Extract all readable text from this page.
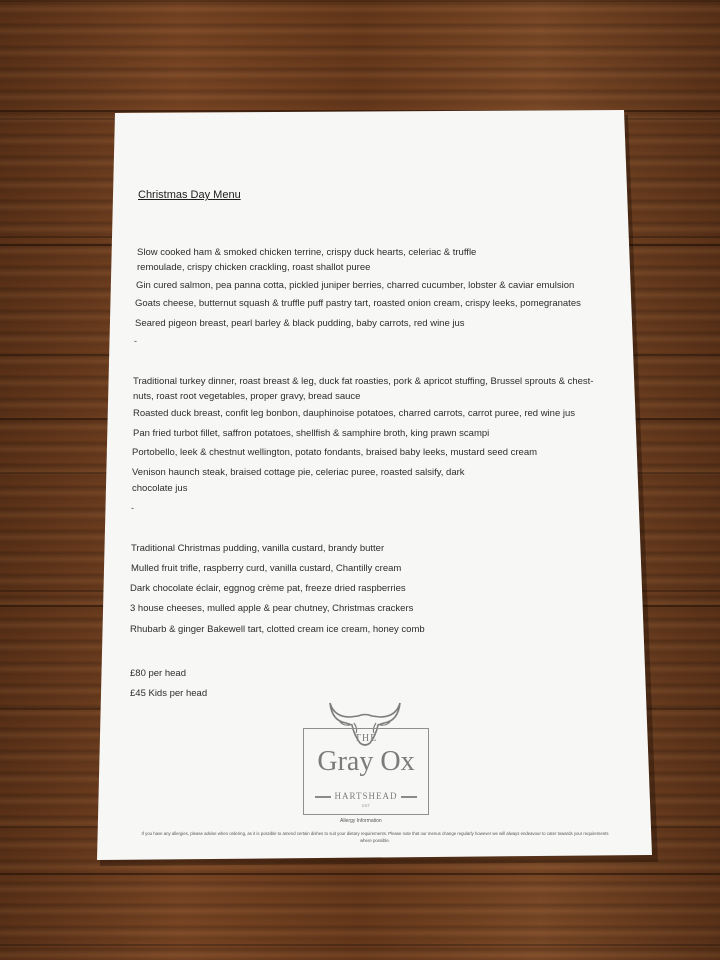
Christmas Day Menu
Slow cooked ham & smoked chicken terrine, crispy duck hearts, celeriac & truffle
remoulade, crispy chicken crackling, roast shallot puree
Gin cured salmon, pea panna cotta, pickled juniper berries, charred cucumber, lobster & caviar emulsion
Goats cheese, butternut squash & truffle puff pastry tart, roasted onion cream, crispy leeks, pomegranates
Seared pigeon breast, pearl barley & black pudding, baby carrots, red wine jus
-
Traditional turkey dinner, roast breast & leg, duck fat roasties, pork & apricot stuffing, Brussel sprouts & chest-
nuts, roast root vegetables, proper gravy, bread sauce
Roasted duck breast, confit leg bonbon, dauphinoise potatoes, charred carrots, carrot puree, red wine jus
Pan fried turbot fillet, saffron potatoes, shellfish & samphire broth, king prawn scampi
Portobello, leek & chestnut wellington, potato fondants, braised baby leeks, mustard seed cream
Venison haunch steak, braised cottage pie, celeriac puree, roasted salsify, dark
chocolate jus
-
Traditional Christmas pudding, vanilla custard, brandy butter
Mulled fruit trifle, raspberry curd, vanilla custard, Chantilly cream
Dark chocolate éclair, eggnog crème pat, freeze dried raspberries
3 house cheeses, mulled apple & pear chutney, Christmas crackers
Rhubarb & ginger Bakewell tart, clotted cream ice cream, honey comb
£80 per head
£45 Kids per head
THE
Gray Ox
HARTSHEAD
EST
Allergy Information
If you have any allergies, please advise when ordering, as it is possible to amend certain dishes to suit your dietary requirements. Please note that our menus change regularly however we will always endeavour to cater towards your requirements where possible.
